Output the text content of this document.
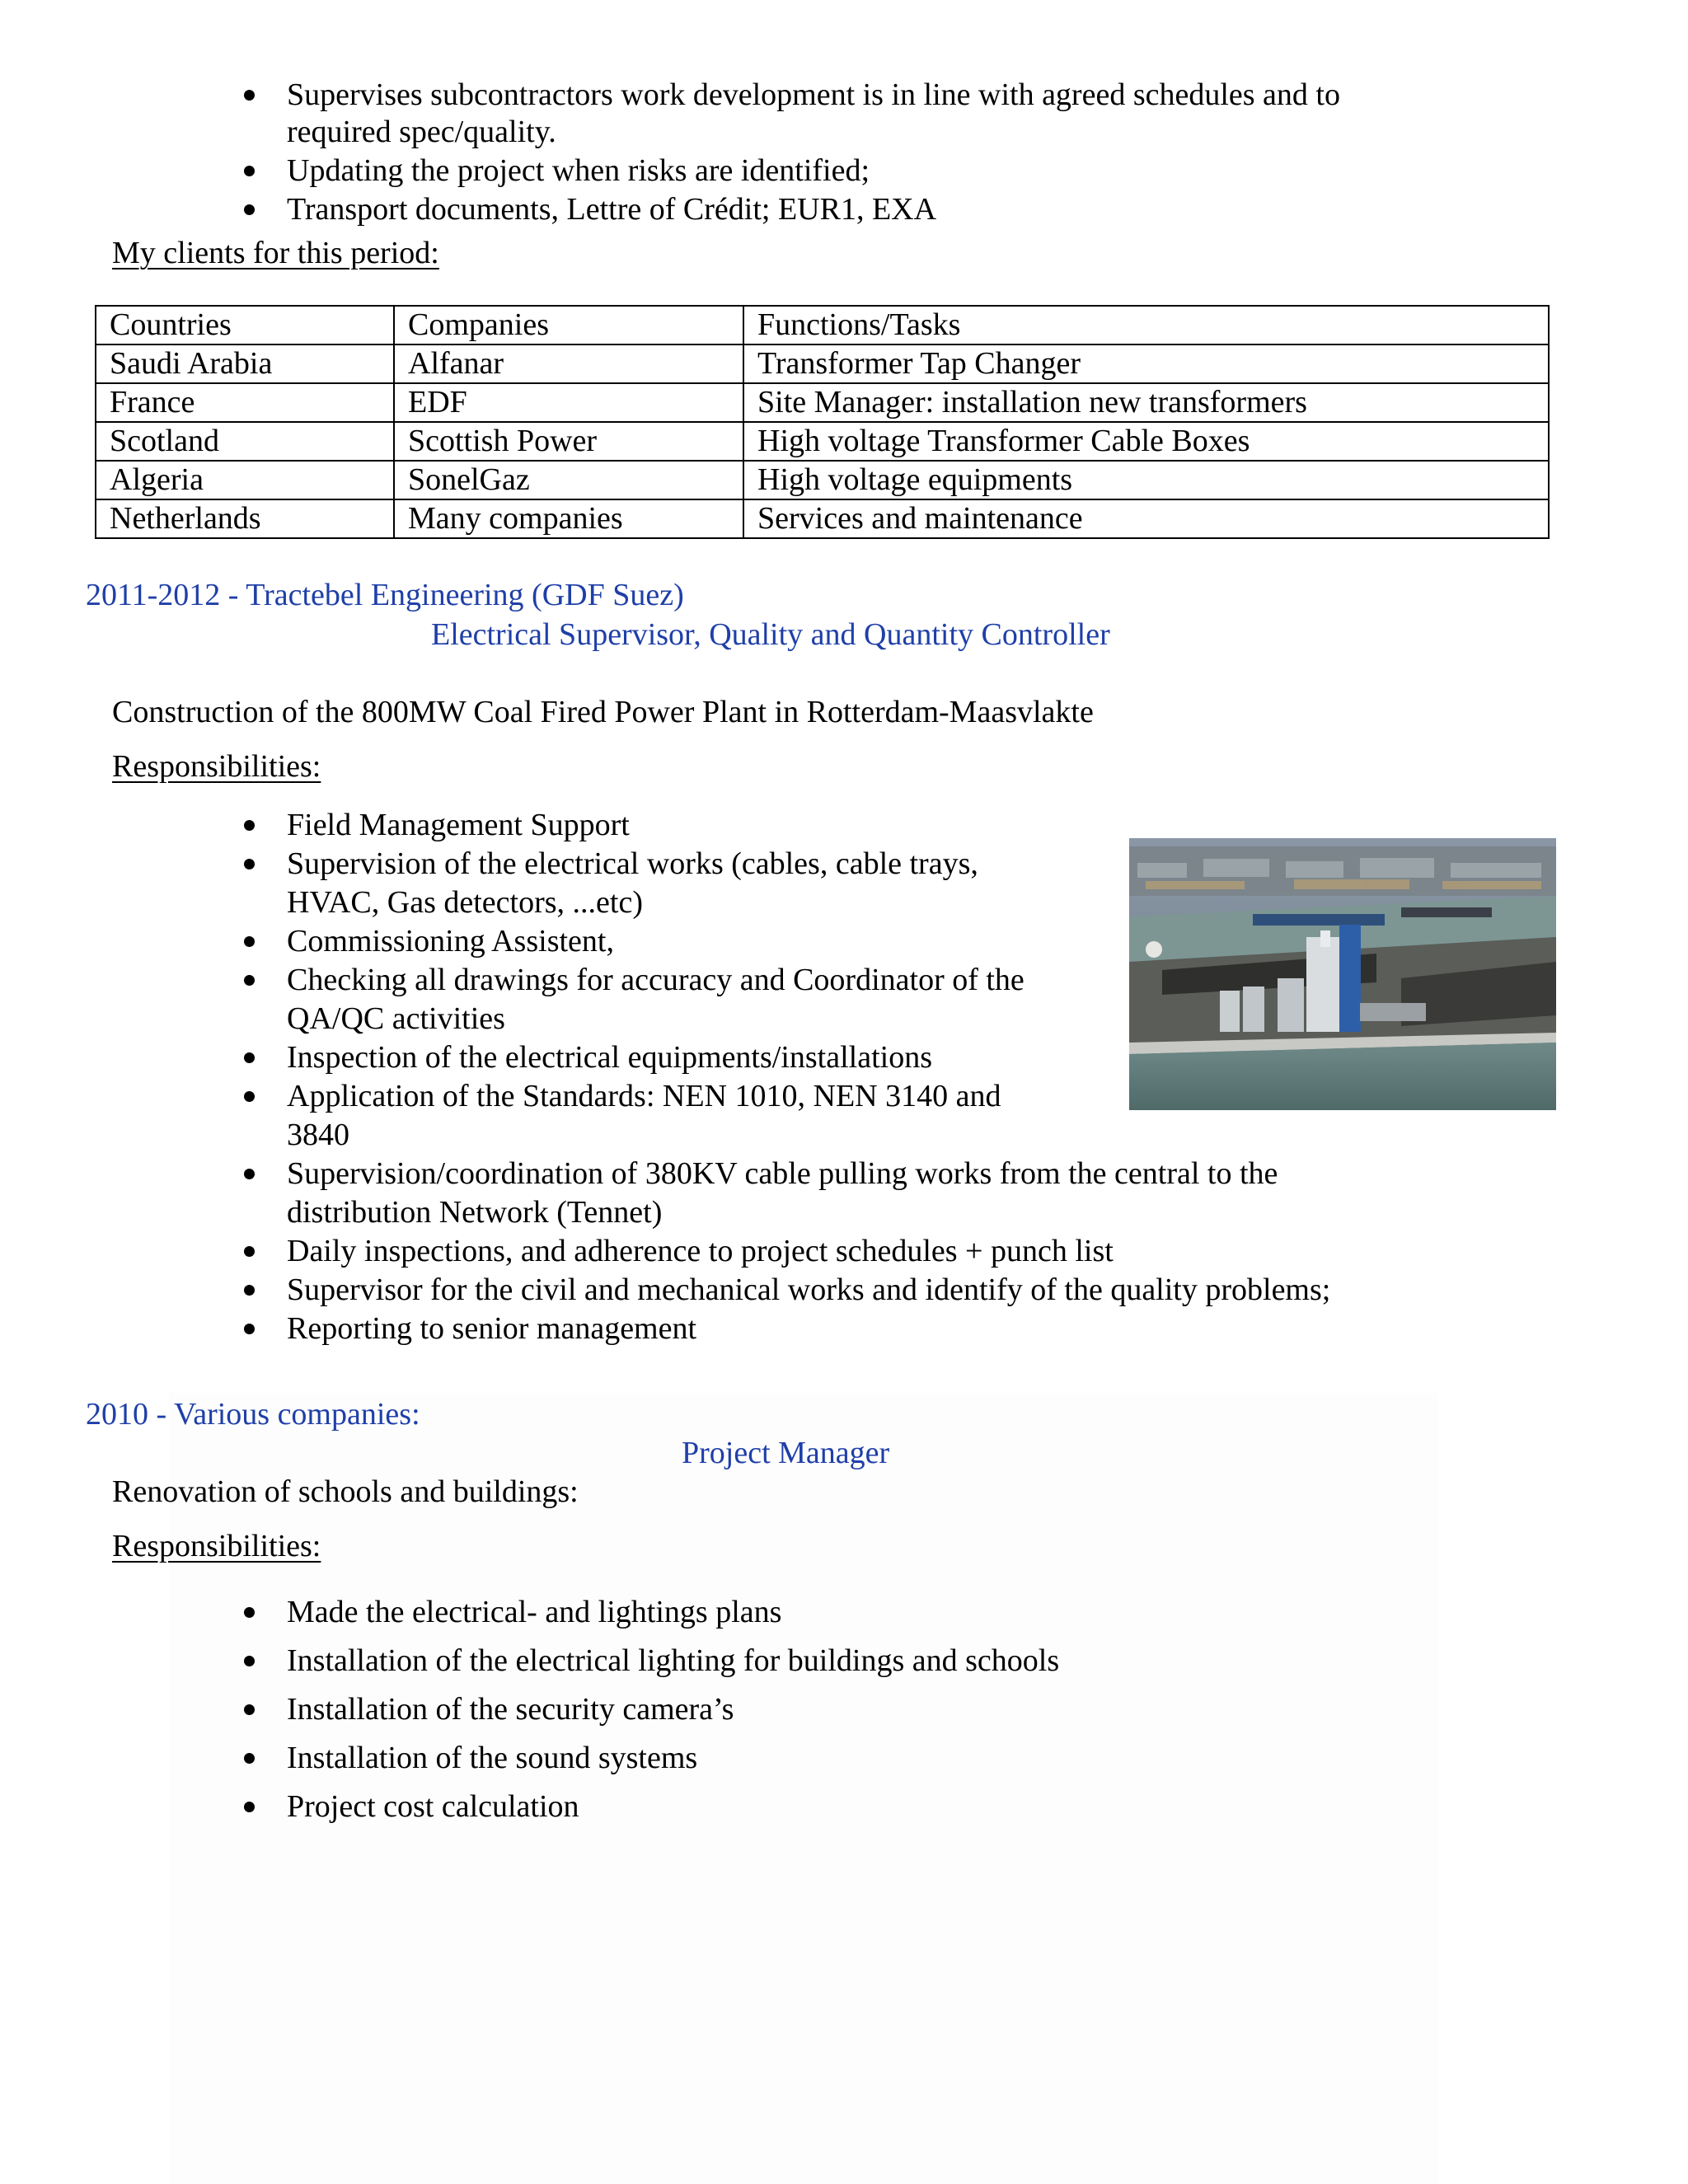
Supervises subcontractors work development is in line with agreed schedules and to
required spec/quality.
Updating the project when risks are identified;
Transport documents, Lettre of Crédit; EUR1, EXA
My clients for this period:
Countries	Companies	Functions/Tasks
Saudi Arabia	Alfanar	Transformer Tap Changer
France	EDF	Site Manager: installation new transformers
Scotland	Scottish Power	High voltage Transformer Cable Boxes
Algeria	SonelGaz	High voltage equipments
Netherlands	Many companies	Services and maintenance
2011-2012 - Tractebel Engineering (GDF Suez)
Electrical Supervisor, Quality and Quantity Controller
Construction of the 800MW Coal Fired Power Plant in Rotterdam-Maasvlakte
Responsibilities:
Field Management Support
Supervision of the electrical works (cables, cable trays,
HVAC, Gas detectors, ...etc)
Commissioning Assistent,
Checking all drawings for accuracy and Coordinator of the
QA/QC activities
Inspection of the electrical equipments/installations
Application of the Standards: NEN 1010, NEN 3140 and
3840
Supervision/coordination of 380KV cable pulling works from the central to the
distribution Network (Tennet)
Daily inspections, and adherence to project schedules + punch list
Supervisor for the civil and mechanical works and identify of the quality problems;
Reporting to senior management
2010 - Various companies:
Project Manager
Renovation of schools and buildings:
Responsibilities:
Made the electrical- and lightings plans
Installation of the electrical lighting for buildings and schools
Installation of the security camera’s
Installation of the sound systems
Project cost calculation
